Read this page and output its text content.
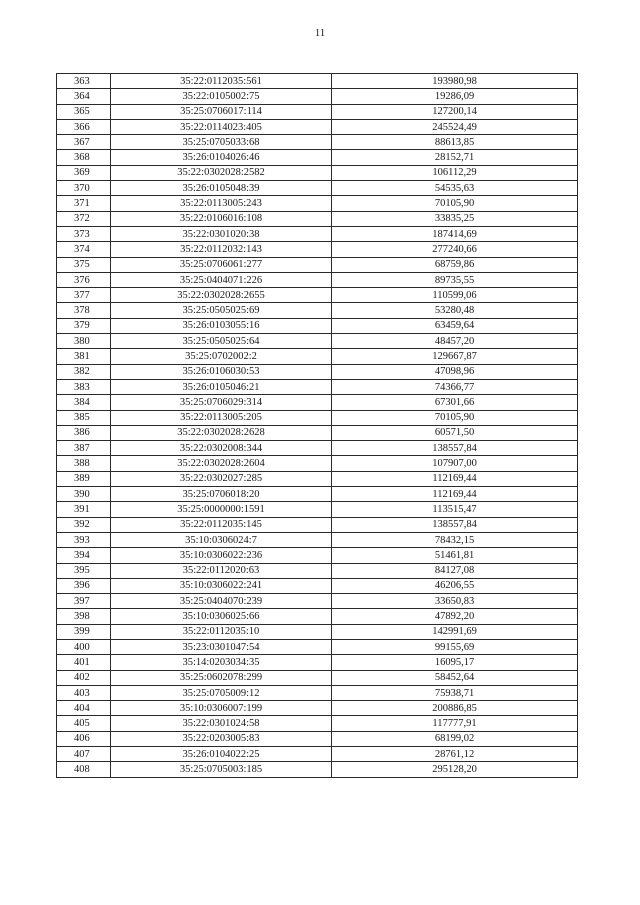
11
363	35:22:0112035:561	193980,98
364	35:22:0105002:75	19286,09
365	35:25:0706017:114	127200,14
366	35:22:0114023:405	245524,49
367	35:25:0705033:68	88613,85
368	35:26:0104026:46	28152,71
369	35:22:0302028:2582	106112,29
370	35:26:0105048:39	54535,63
371	35:22:0113005:243	70105,90
372	35:22:0106016:108	33835,25
373	35:22:0301020:38	187414,69
374	35:22:0112032:143	277240,66
375	35:25:0706061:277	68759,86
376	35:25:0404071:226	89735,55
377	35:22:0302028:2655	110599,06
378	35:25:0505025:69	53280,48
379	35:26:0103055:16	63459,64
380	35:25:0505025:64	48457,20
381	35:25:0702002:2	129667,87
382	35:26:0106030:53	47098,96
383	35:26:0105046:21	74366,77
384	35:25:0706029:314	67301,66
385	35:22:0113005:205	70105,90
386	35:22:0302028:2628	60571,50
387	35:22:0302008:344	138557,84
388	35:22:0302028:2604	107907,00
389	35:22:0302027:285	112169,44
390	35:25:0706018:20	112169,44
391	35:25:0000000:1591	113515,47
392	35:22:0112035:145	138557,84
393	35:10:0306024:7	78432,15
394	35:10:0306022:236	51461,81
395	35:22:0112020:63	84127,08
396	35:10:0306022:241	46206,55
397	35:25:0404070:239	33650,83
398	35:10:0306025:66	47892,20
399	35:22:0112035:10	142991,69
400	35:23:0301047:54	99155,69
401	35:14:0203034:35	16095,17
402	35:25:0602078:299	58452,64
403	35:25:0705009:12	75938,71
404	35:10:0306007:199	200886,85
405	35:22:0301024:58	117777,91
406	35:22:0203005:83	68199,02
407	35:26:0104022:25	28761,12
408	35:25:0705003:185	295128,20
